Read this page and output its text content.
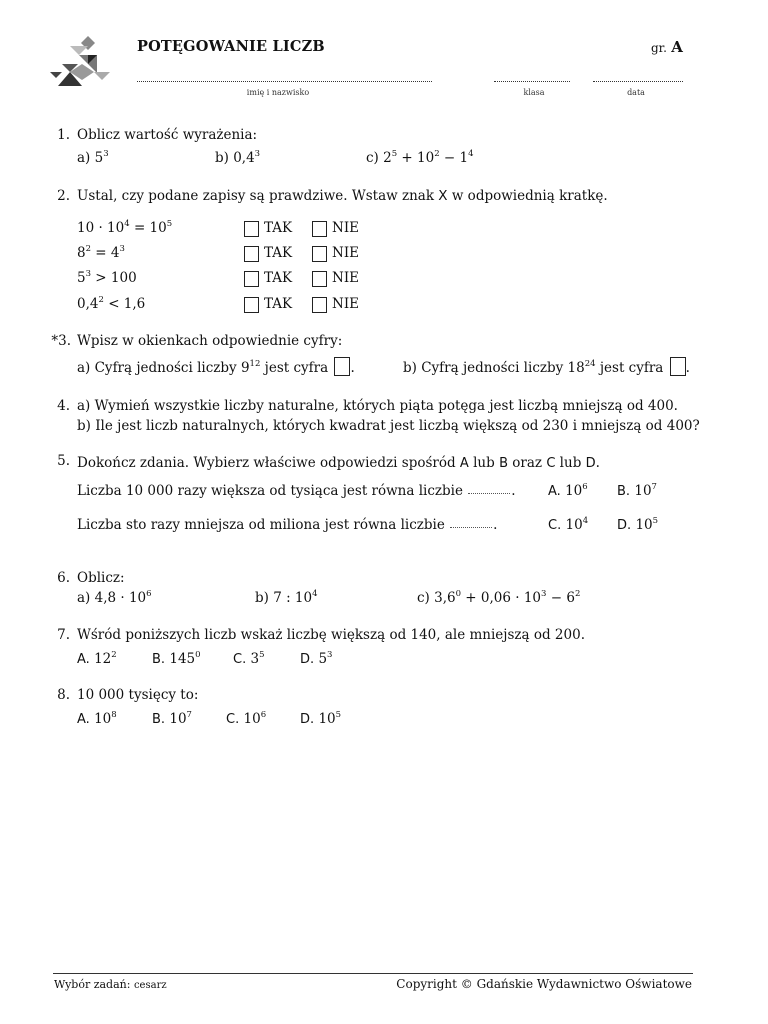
POTĘGOWANIE LICZB	gr. A
imię i nazwisko	klasa	data
1. Oblicz wartość wyrażenia:
a) $5^3$	b) $0,4^3$	c) $2^5 + 10^2 - 1^4$
2. Ustal, czy podane zapisy są prawdziwe. Wstaw znak X w odpowiednią kratkę.
$10 \cdot 10^4 = 10^5$	TAK	NIE
$8^2 = 4^3$	TAK	NIE
$5^3 > 100$	TAK	NIE
$0,4^2 < 1,6$	TAK	NIE
*3. Wpisz w okienkach odpowiednie cyfry:
a) Cyfrą jedności liczby $9^{12}$ jest cyfra .	b) Cyfrą jedności liczby $18^{24}$ jest cyfra .
4. a) Wymień wszystkie liczby naturalne, których piąta potęga jest liczbą mniejszą od 400.
b) Ile jest liczb naturalnych, których kwadrat jest liczbą większą od 230 i mniejszą od 400?
5. Dokończ zdania. Wybierz właściwe odpowiedzi spośród A lub B oraz C lub D.
Liczba 10 000 razy większa od tysiąca jest równa liczbie	. A. $10^6$ B. $10^7$
Liczba sto razy mniejsza od miliona jest równa liczbie	.	C. $10^4$ D. $10^5$
6. Oblicz:
a) $4,8 \cdot 10^6$	b) 7 : $10^4$	c) $3,6^0 + 0,06 \cdot 10^3 - 6^2$
7. Wśród poniższych liczb wskaż liczbę większą od 140, ale mniejszą od 200.
A. $12^2$	B. $145^0$ C. $3^5$	D. $5^3$
8. 10 000 tysięcy to:
A. $10^8$	B. $10^7$	C. $10^6$	D. $10^5$
Wybór zadań: cesarz	Copyright © Gdańskie Wydawnictwo Oświatowe
